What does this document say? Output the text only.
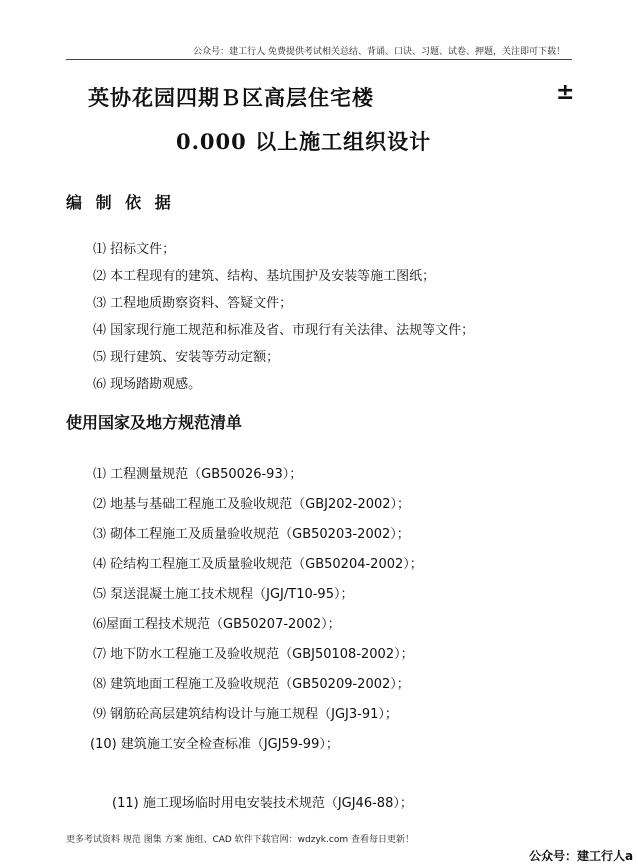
公众号：建工行人 免费提供考试相关总结、背诵、口诀、习题、试卷、押题，关注即可下载！
英协花园四期Ｂ区高层住宅楼	±
0.000 以上施工组织设计
编 制 依 据
⑴ 招标文件；
⑵ 本工程现有的建筑、结构、基坑围护及安装等施工图纸；
⑶ 工程地质勘察资料、答疑文件；
⑷ 国家现行施工规范和标准及省、市现行有关法律、法规等文件；
⑸ 现行建筑、安装等劳动定额；
⑹ 现场踏勘观感。
使用国家及地方规范清单
⑴ 工程测量规范（GB50026-93）；
⑵ 地基与基础工程施工及验收规范（GBJ202-2002）；
⑶ 砌体工程施工及质量验收规范（GB50203-2002）；
⑷ 砼结构工程施工及质量验收规范（GB50204-2002）；
⑸ 泵送混凝土施工技术规程（JGJ/T10-95）；
⑹屋面工程技术规范（GB50207-2002）；
⑺ 地下防水工程施工及验收规范（GBJ50108-2002）；
⑻ 建筑地面工程施工及验收规范（GB50209-2002）；
⑼ 钢筋砼高层建筑结构设计与施工规程（JGJ3-91）；
(10) 建筑施工安全检查标准（JGJ59-99）；
(11) 施工现场临时用电安装技术规范（JGJ46-88）；
更多考试资料 规范 图集 方案 施组、CAD 软件下载官网：wdzyk.com 查看每日更新！
公众号：建工行人a
